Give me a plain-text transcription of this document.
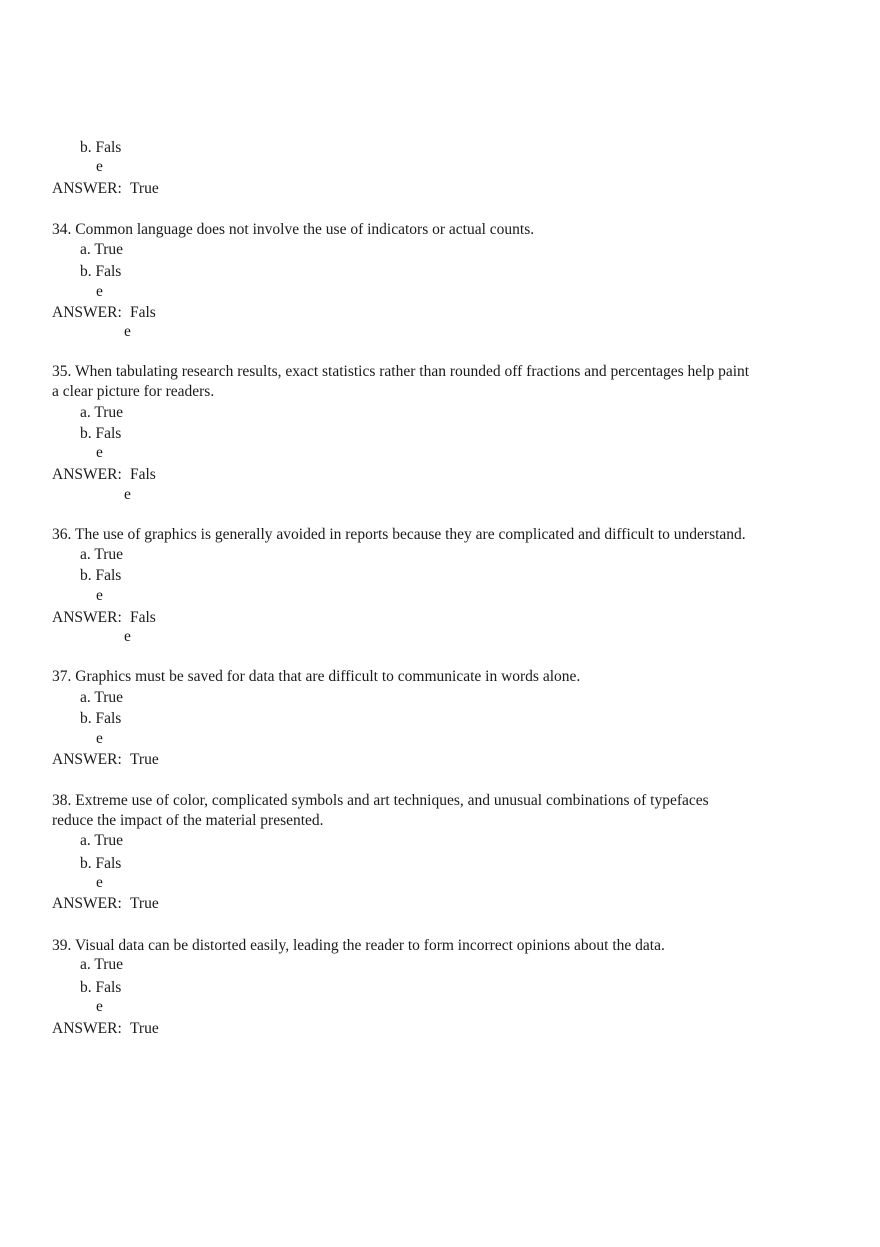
b. Fals
e
ANSWER: True
34. Common language does not involve the use of indicators or actual counts.
a. True
b. Fals
e
ANSWER: Fals
e
35. When tabulating research results, exact statistics rather than rounded off fractions and percentages help paint
a clear picture for readers.
a. True
b. Fals
e
ANSWER: Fals
e
36. The use of graphics is generally avoided in reports because they are complicated and difficult to understand.
a. True
b. Fals
e
ANSWER: Fals
e
37. Graphics must be saved for data that are difficult to communicate in words alone.
a. True
b. Fals
e
ANSWER: True
38. Extreme use of color, complicated symbols and art techniques, and unusual combinations of typefaces
reduce the impact of the material presented.
a. True
b. Fals
e
ANSWER: True
39. Visual data can be distorted easily, leading the reader to form incorrect opinions about the data.
a. True
b. Fals
e
ANSWER: True
